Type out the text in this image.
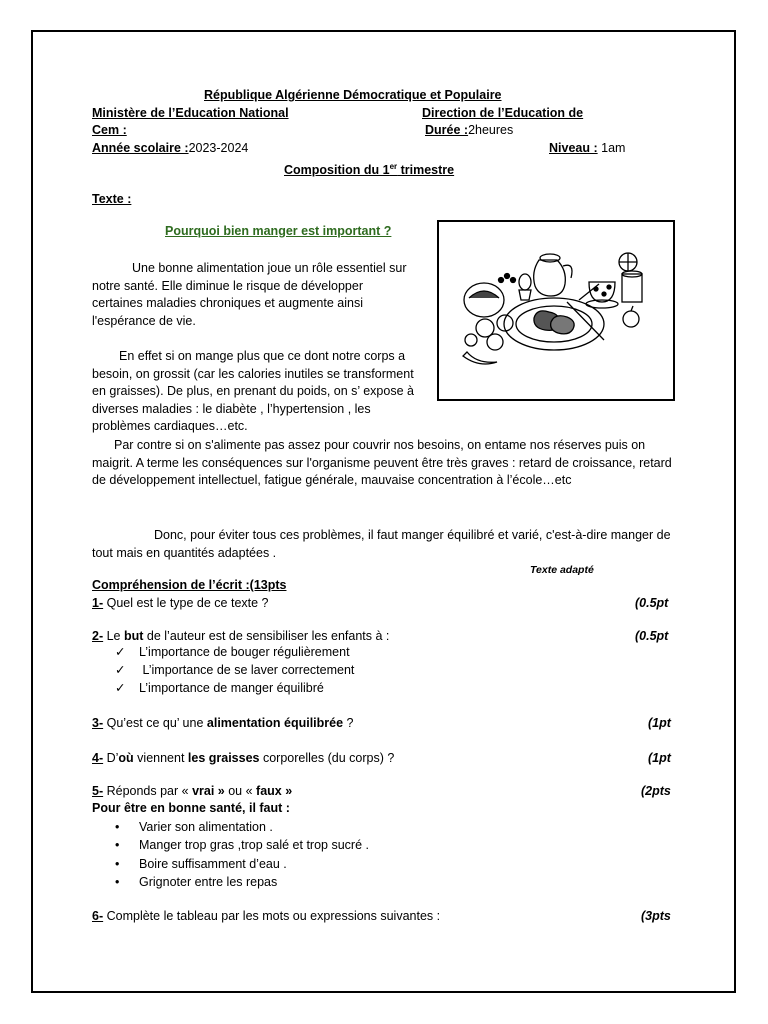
République Algérienne Démocratique et Populaire
Ministère de l’Education National	Direction de l’Education de
Cem :	Durée :2heures
Année scolaire :2023-2024	Niveau : 1am
Composition du 1er trimestre
Texte :
Pourquoi bien manger est important ?
Une bonne alimentation joue un rôle essentiel sur notre santé. Elle diminue le risque de développer certaines maladies chroniques et augmente ainsi l'espérance de vie.
En effet si on mange plus que ce dont notre corps a besoin, on grossit (car les calories inutiles se transforment en graisses). De plus, en prenant du poids, on s’ expose à diverses maladies : le diabète , l’hypertension , les problèmes cardiaques…etc.
Par contre si on s'alimente pas assez pour couvrir nos besoins, on entame nos réserves puis on maigrit. A terme les conséquences sur l'organisme peuvent être très graves : retard de croissance, retard de développement intellectuel, fatigue générale, mauvaise concentration à l’école…etc
Donc, pour éviter tous ces problèmes, il faut manger équilibré et varié, c'est-à-dire manger de tout mais en quantités adaptées .
Texte adapté
Compréhension de l’écrit :(13pts
1- Quel est le type de ce texte ?	(0.5pt
2- Le but de l’auteur est de sensibiliser les enfants à :	(0.5pt
✓ L’importance de bouger régulièrement
✓ L’importance de se laver correctement
✓ L’importance de manger équilibré
3- Qu’est ce qu’ une alimentation équilibrée ?	(1pt
4- D’où viennent les graisses corporelles (du corps) ?	(1pt
5- Réponds par « vrai » ou « faux »	(2pts
Pour être en bonne santé, il faut :
• Varier son alimentation .
• Manger trop gras ,trop salé et trop sucré .
• Boire suffisamment d’eau .
• Grignoter entre les repas
6- Complète le tableau par les mots ou expressions suivantes :	(3pts
